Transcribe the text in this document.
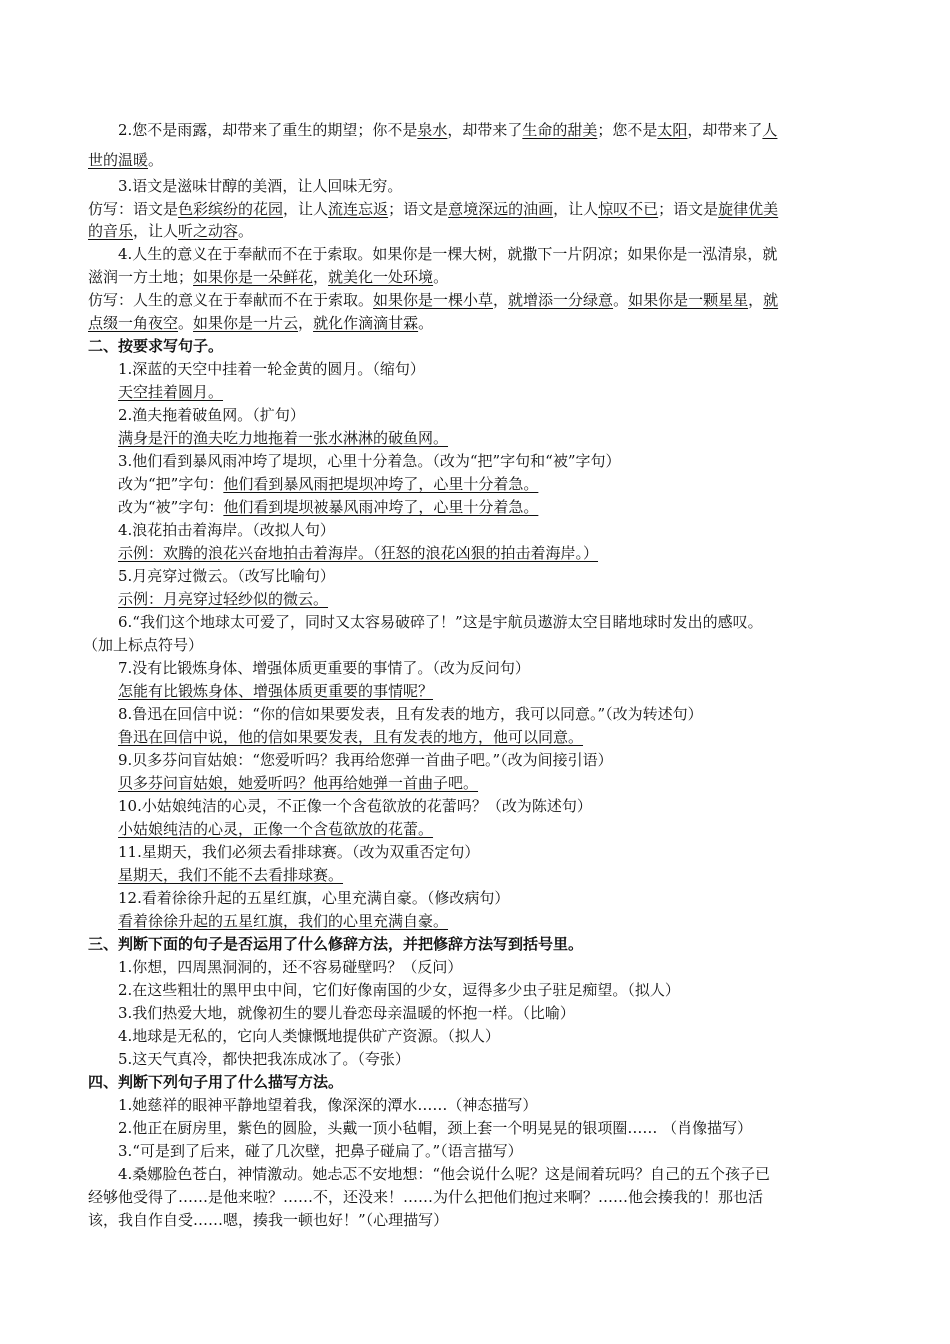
2.您不是雨露，却带来了重生的期望；你不是泉水，却带来了生命的甜美；您不是太阳，却带来了人
世的温暖。
3.语文是滋味甘醇的美酒，让人回味无穷。
仿写：语文是色彩缤纷的花园，让人流连忘返；语文是意境深远的油画，让人惊叹不已；语文是旋律优美
的音乐，让人听之动容。
4.人生的意义在于奉献而不在于索取。如果你是一棵大树，就撒下一片阴凉；如果你是一泓清泉，就
滋润一方土地；如果你是一朵鲜花，就美化一处环境。
仿写：人生的意义在于奉献而不在于索取。如果你是一棵小草，就增添一分绿意。如果你是一颗星星，就
点缀一角夜空。如果你是一片云，就化作滴滴甘霖。
二、按要求写句子。
1.深蓝的天空中挂着一轮金黄的圆月。（缩句）
天空挂着圆月。
2.渔夫拖着破鱼网。（扩句）
满身是汗的渔夫吃力地拖着一张水淋淋的破鱼网。
3.他们看到暴风雨冲垮了堤坝，心里十分着急。（改为“把”字句和“被”字句）
改为“把”字句：他们看到暴风雨把堤坝冲垮了，心里十分着急。
改为“被”字句：他们看到堤坝被暴风雨冲垮了，心里十分着急。
4.浪花拍击着海岸。（改拟人句）
示例：欢腾的浪花兴奋地拍击着海岸。（狂怒的浪花凶狠的拍击着海岸。）
5.月亮穿过微云。（改写比喻句）
示例：月亮穿过轻纱似的微云。
6.“我们这个地球太可爱了，同时又太容易破碎了！”这是宇航员遨游太空目睹地球时发出的感叹。
（加上标点符号）
7.没有比锻炼身体、增强体质更重要的事情了。（改为反问句）
怎能有比锻炼身体、增强体质更重要的事情呢？
8.鲁迅在回信中说：“你的信如果要发表，且有发表的地方，我可以同意。”（改为转述句）
鲁迅在回信中说，他的信如果要发表，且有发表的地方，他可以同意。
9.贝多芬问盲姑娘：“您爱听吗？我再给您弹一首曲子吧。”（改为间接引语）
贝多芬问盲姑娘，她爱听吗？他再给她弹一首曲子吧。
10.小姑娘纯洁的心灵，不正像一个含苞欲放的花蕾吗？（改为陈述句）
小姑娘纯洁的心灵，正像一个含苞欲放的花蕾。
11.星期天，我们必须去看排球赛。（改为双重否定句）
星期天，我们不能不去看排球赛。
12.看着徐徐升起的五星红旗，心里充满自豪。（修改病句）
看着徐徐升起的五星红旗，我们的心里充满自豪。
三、判断下面的句子是否运用了什么修辞方法，并把修辞方法写到括号里。
1.你想，四周黑洞洞的，还不容易碰壁吗？（反问）
2.在这些粗壮的黑甲虫中间，它们好像南国的少女，逗得多少虫子驻足痴望。（拟人）
3.我们热爱大地，就像初生的婴儿眷恋母亲温暖的怀抱一样。（比喻）
4.地球是无私的，它向人类慷慨地提供矿产资源。（拟人）
5.这天气真冷，都快把我冻成冰了。（夸张）
四、判断下列句子用了什么描写方法。
1.她慈祥的眼神平静地望着我，像深深的潭水……（神态描写）
2.他正在厨房里，紫色的圆脸，头戴一顶小毡帽，颈上套一个明晃晃的银项圈…… （肖像描写）
3.“可是到了后来，碰了几次壁，把鼻子碰扁了。”（语言描写）
4.桑娜脸色苍白，神情激动。她忐忑不安地想：“他会说什么呢？这是闹着玩吗？自己的五个孩子已
经够他受得了……是他来啦？……不，还没来！……为什么把他们抱过来啊？……他会揍我的！那也活
该，我自作自受……嗯，揍我一顿也好！”（心理描写）
